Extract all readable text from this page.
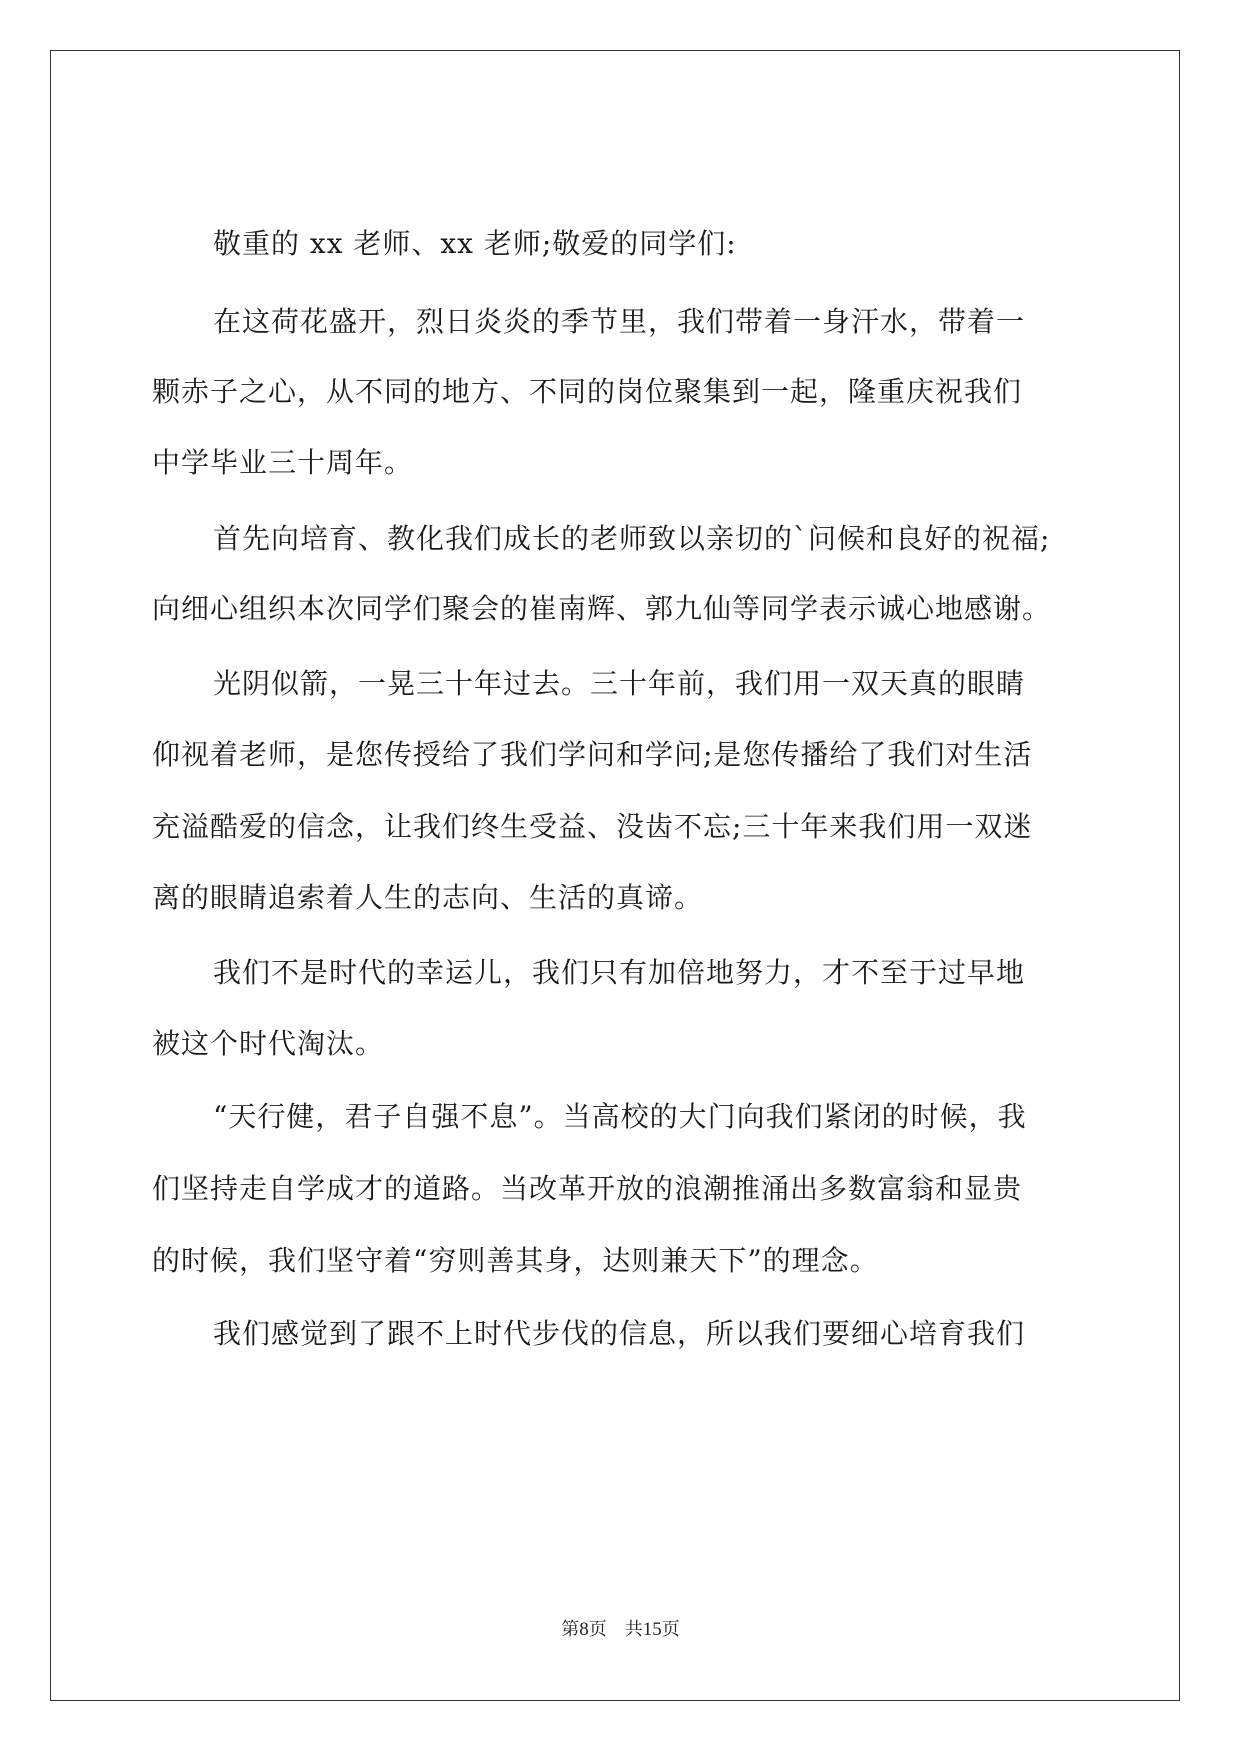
敬重的 xx 老师、xx 老师;敬爱的同学们:
在这荷花盛开，烈日炎炎的季节里，我们带着一身汗水，带着一
颗赤子之心，从不同的地方、不同的岗位聚集到一起，隆重庆祝我们
中学毕业三十周年。
首先向培育、教化我们成长的老师致以亲切的`问候和良好的祝福;
向细心组织本次同学们聚会的崔南辉、郭九仙等同学表示诚心地感谢。
光阴似箭，一晃三十年过去。三十年前，我们用一双天真的眼睛
仰视着老师，是您传授给了我们学问和学问;是您传播给了我们对生活
充溢酷爱的信念，让我们终生受益、没齿不忘;三十年来我们用一双迷
离的眼睛追索着人生的志向、生活的真谛。
我们不是时代的幸运儿，我们只有加倍地努力，才不至于过早地
被这个时代淘汰。
“天行健，君子自强不息”。当高校的大门向我们紧闭的时候，我
们坚持走自学成才的道路。当改革开放的浪潮推涌出多数富翁和显贵
的时候，我们坚守着“穷则善其身，达则兼天下”的理念。
我们感觉到了跟不上时代步伐的信息，所以我们要细心培育我们
第8页 共15页
